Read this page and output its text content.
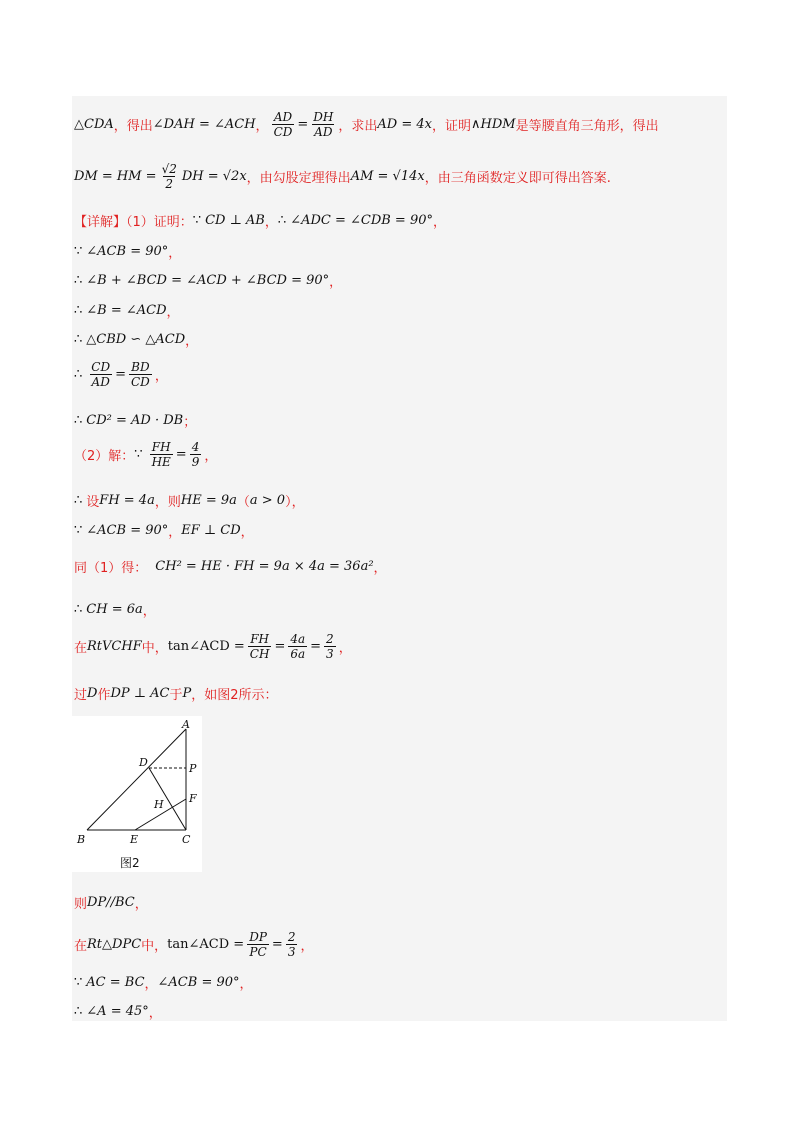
△CDA ，得出 ∠DAH = ∠ACH ， $\frac{AD}{CD} = \frac{DH}{AD}$ ，求出 AD = 4x ，证明 ∧HDM 是等腰直角三角形，得出
DM = HM = $\frac{√2}{2}$ DH = √2x ，由勾股定理得出 AM = √14x ，由三角函数定义即可得出答案.
【详解】（1）证明： ∵ CD ⊥ AB ， ∴ ∠ADC = ∠CDB = 90° ，
∵ ∠ACB = 90° ，
∴ ∠B + ∠BCD = ∠ACD + ∠BCD = 90° ，
∴ ∠B = ∠ACD ，
∴ △CBD ∽ △ACD ，
∴ $\frac{CD}{AD} = \frac{BD}{CD}$ ，
∴ CD² = AD · DB ；
（2）解： ∵ $\frac{FH}{HE} = \frac{4}{9}$ ，
∴ 设 FH = 4a ，则 HE = 9a （ a > 0 ），
∵ ∠ACB = 90° ， EF ⊥ CD ，
同（1）得： CH² = HE · FH = 9a × 4a = 36a² ，
∴ CH = 6a ，
在 RtVCHF 中， tan∠ACD = $\frac{FH}{CH} = \frac{4a}{6a} = \frac{2}{3}$ ，
过 D 作 DP ⊥ AC 于 P ，如图2所示：
A
B	C
D
E
F
H
P
图2
则 DP//BC ，
在 Rt△DPC 中， tan∠ACD = $\frac{DP}{PC} = \frac{2}{3}$ ，
∵ AC = BC ， ∠ACB = 90° ，
∴ ∠A = 45° ，
